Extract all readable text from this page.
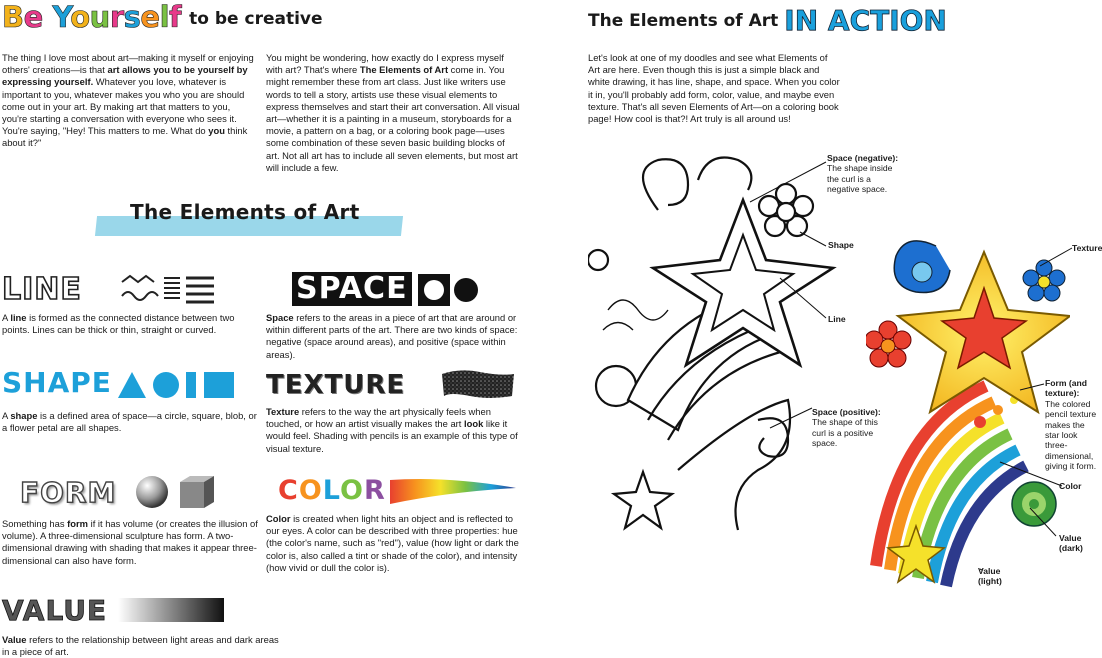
Be Yourself to be creative

The thing I love most about art—making it myself or enjoying others' creations—is that art allows you to be yourself by expressing yourself. Whatever you love, whatever is important to you, whatever makes you who you are should come out in your art. By making art that matters to you, you're starting a conversation with everyone who sees it. You're saying, "Hey! This matters to me. What do you think about it?"

You might be wondering, how exactly do I express myself with art? That's where The Elements of Art come in. You might remember these from art class. Just like writers use words to tell a story, artists use these visual elements to express themselves and start their art conversation. All visual art—whether it is a painting in a museum, storyboards for a movie, a pattern on a bag, or a coloring book page—uses some combination of these seven basic building blocks of art. Not all art has to include all seven elements, but most art will include a few.

The Elements of Art
LINE

A line is formed as the connected distance between two points. Lines can be thick or thin, straight or curved.

SPACE

Space refers to the areas in a piece of art that are around or within different parts of the art. There are two kinds of space: negative (space around areas), and positive (space within areas).

SHAPE

A shape is a defined area of space—a circle, square, blob, or a flower petal are all shapes.

TEXTURE

Texture refers to the way the art physically feels when touched, or how an artist visually makes the art look like it would feel. Shading with pencils is an example of this type of visual texture.

FORM

Something has form if it has volume (or creates the illusion of volume). A three-dimensional sculpture has form. A two-dimensional drawing with shading that makes it appear three-dimensional can also have form.

COLOR

Color is created when light hits an object and is reflected to our eyes. A color can be described with three properties: hue (the color's name, such as "red"), value (how light or dark the color is, also called a tint or shade of the color), and intensity (how vivid or dull the color is).

VALUE

Value refers to the relationship between light areas and dark areas in a piece of art.

The Elements of Art IN ACTION

Let's look at one of my doodles and see what Elements of Art are here. Even though this is just a simple black and white drawing, it has line, shape, and space. When you color it in, you'll probably add form, color, value, and maybe even texture. That's all seven Elements of Art—on a coloring book page! How cool is that?! Art truly is all around us!

Space (negative):
The shape inside the curl is a negative space.
Shape
Line
Space (positive):
The shape of this curl is a positive space.
Texture
Form (and texture):
The colored pencil texture makes the star look three-dimensional, giving it form.
Color
Value (dark)
Value (light)
